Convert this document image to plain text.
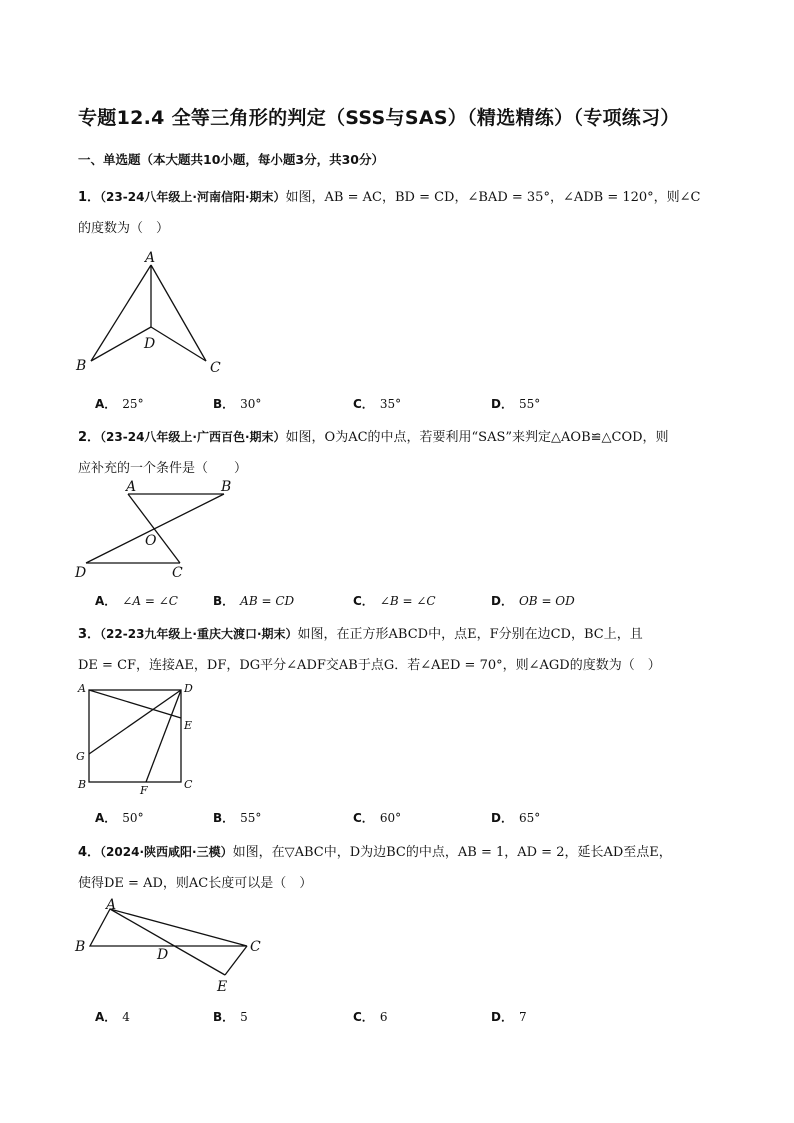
专题12.4 全等三角形的判定（SSS与SAS）（精选精练）（专项练习）
一、单选题（本大题共10小题，每小题3分，共30分）
1．（23-24八年级上·河南信阳·期末）如图，AB = AC，BD = CD，∠BAD = 35°，∠ADB = 120°，则∠C
的度数为（　）
A
B	C
D
A． 25°	B． 30°	C． 35°	D． 55°
2．（23-24八年级上·广西百色·期末）如图，O为AC的中点，若要利用“SAS”来判定△AOB≌△COD，则
应补充的一个条件是（　　）
A	B
C
D
O
A． ∠A = ∠C	B． AB = CD	C． ∠B = ∠C	D． OB = OD
3．（22-23九年级上·重庆大渡口·期末）如图，在正方形ABCD中，点E，F分别在边CD，BC上，且
DE = CF，连接AE，DF，DG平分∠ADF交AB于点G．若∠AED = 70°，则∠AGD的度数为（　）
A	D
B	C
E
F
G
A． 50°	B． 55°	C． 60°	D． 65°
4．（2024·陕西咸阳·三模）如图，在▽ABC中，D为边BC的中点，AB = 1，AD = 2，延长AD至点E，
使得DE = AD，则AC长度可以是（　）
A
B	C
D
E
A． 4	B． 5	C． 6	D． 7
